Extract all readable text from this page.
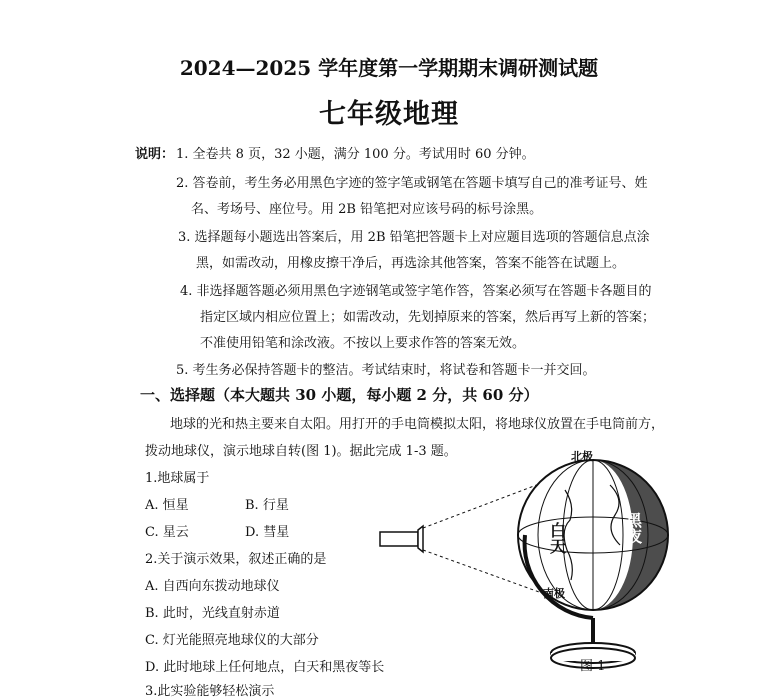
2024—2025 学年度第一学期期末调研测试题
七年级地理
说明： 1. 全卷共 8 页，32 小题，满分 100 分。考试用时 60 分钟。
2. 答卷前，考生务必用黑色字迹的签字笔或钢笔在答题卡填写自己的准考证号、姓
名、考场号、座位号。用 2B 铅笔把对应该号码的标号涂黑。
3. 选择题每小题选出答案后，用 2B 铅笔把答题卡上对应题目选项的答题信息点涂
黑，如需改动，用橡皮擦干净后，再选涂其他答案，答案不能答在试题上。
4. 非选择题答题必须用黑色字迹钢笔或签字笔作答，答案必须写在答题卡各题目的
指定区域内相应位置上；如需改动，先划掉原来的答案，然后再写上新的答案；
不准使用铅笔和涂改液。不按以上要求作答的答案无效。
5. 考生务必保持答题卡的整洁。考试结束时，将试卷和答题卡一并交回。
一、选择题（本大题共 30 小题，每小题 2 分，共 60 分）
地球的光和热主要来自太阳。用打开的手电筒模拟太阳，将地球仪放置在手电筒前方，
拨动地球仪，演示地球自转(图 1)。据此完成 1-3 题。
1.地球属于
A. 恒星	B. 行星
C. 星云	D. 彗星
2.关于演示效果，叙述正确的是
A. 自西向东拨动地球仪
B. 此时，光线直射赤道
C. 灯光能照亮地球仪的大部分
D. 此时地球上任何地点，白天和黑夜等长
3.此实验能够轻松演示
北极
南极
白天	黑夜
图 1
